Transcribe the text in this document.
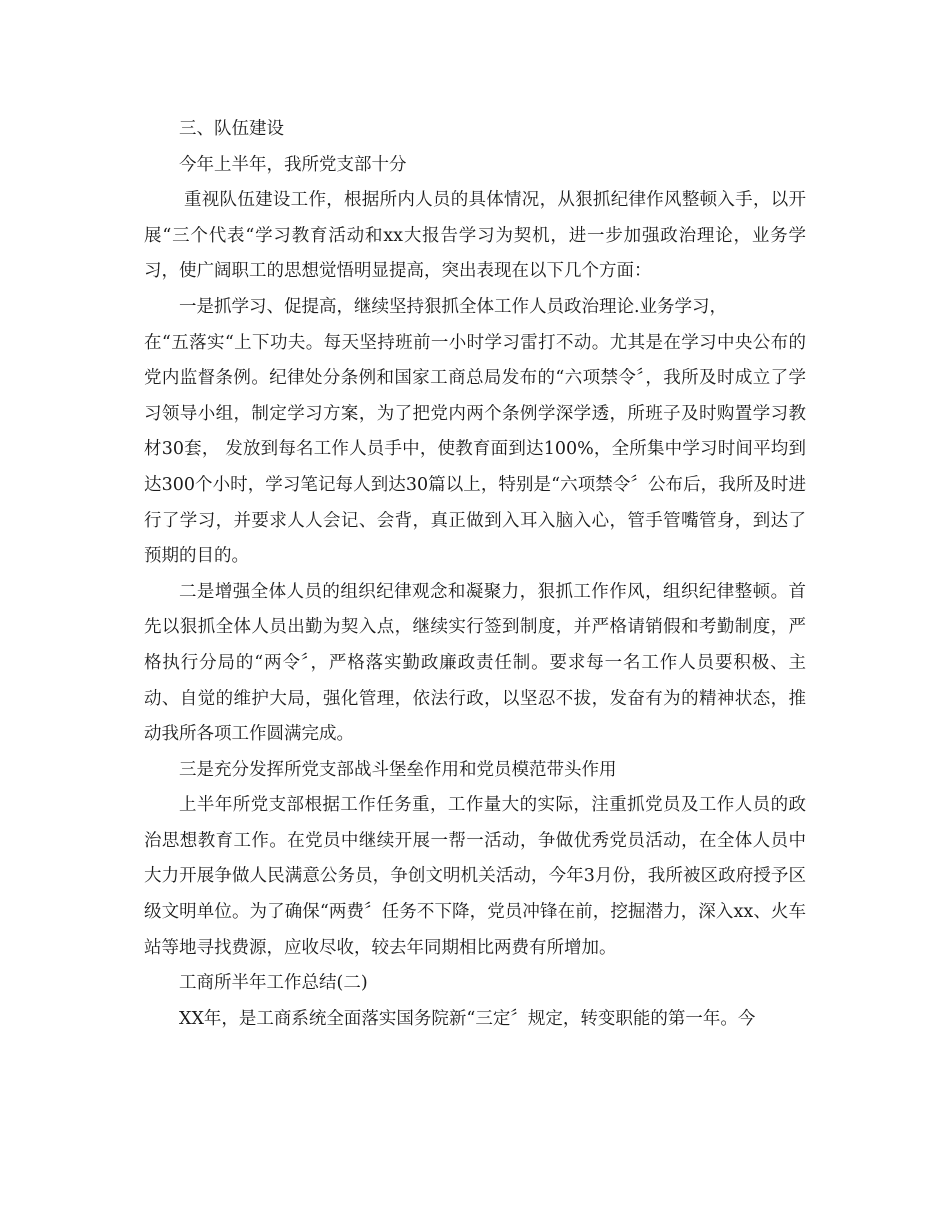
三、队伍建设

今年上半年，我所党支部十分

重视队伍建设工作，根据所内人员的具体情况，从狠抓纪律作风整顿入手，以开展“三个代表“学习教育活动和xx大报告学习为契机，进一步加强政治理论，业务学习，使广阔职工的思想觉悟明显提高，突出表现在以下几个方面：

一是抓学习、促提高，继续坚持狠抓全体工作人员政治理论.业务学习，

在“五落实“上下功夫。每天坚持班前一小时学习雷打不动。尤其是在学习中央公布的党内监督条例。纪律处分条例和国家工商总局发布的“六项禁令〞，我所及时成立了学习领导小组，制定学习方案，为了把党内两个条例学深学透，所班子及时购置学习教材30套， 发放到每名工作人员手中，使教育面到达100%，全所集中学习时间平均到达300个小时，学习笔记每人到达30篇以上，特别是“六项禁令〞公布后，我所及时进行了学习，并要求人人会记、会背，真正做到入耳入脑入心，管手管嘴管身，到达了预期的目的。

二是增强全体人员的组织纪律观念和凝聚力，狠抓工作作风，组织纪律整顿。首先以狠抓全体人员出勤为契入点，继续实行签到制度，并严格请销假和考勤制度，严格执行分局的“两令〞，严格落实勤政廉政责任制。要求每一名工作人员要积极、主动、自觉的维护大局，强化管理，依法行政，以坚忍不拔，发奋有为的精神状态，推动我所各项工作圆满完成。

三是充分发挥所党支部战斗堡垒作用和党员模范带头作用

上半年所党支部根据工作任务重，工作量大的实际，注重抓党员及工作人员的政治思想教育工作。在党员中继续开展一帮一活动，争做优秀党员活动，在全体人员中大力开展争做人民满意公务员，争创文明机关活动，今年3月份，我所被区政府授予区级文明单位。为了确保“两费〞任务不下降，党员冲锋在前，挖掘潜力，深入xx、火车站等地寻找费源，应收尽收，较去年同期相比两费有所增加。

工商所半年工作总结(二)

XX年，是工商系统全面落实国务院新“三定〞规定，转变职能的第一年。今
